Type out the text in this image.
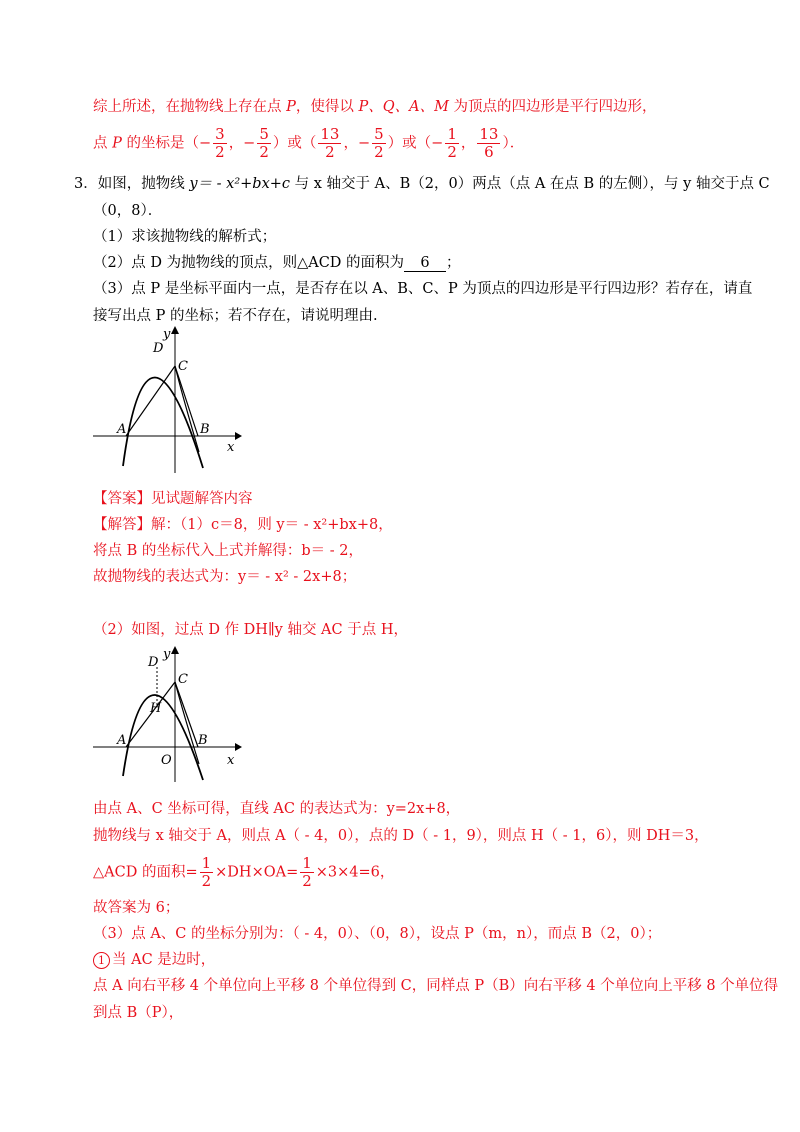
综上所述，在抛物线上存在点 P，使得以 P、Q、A、M 为顶点的四边形是平行四边形，
点 P 的坐标是（− $\frac{3}{2}$ ，− $\frac{5}{2}$ ）或（ $\frac{13}{2}$ ，− $\frac{5}{2}$ ）或（− $\frac{1}{2}$ ， $\frac{13}{6}$ ）．
3．如图，抛物线 y＝ - x²+bx+c 与 x 轴交于 A、B（2，0）两点（点 A 在点 B 的左侧），与 y 轴交于点 C
（0，8）．
（1）求该抛物线的解析式；
（2）点 D 为抛物线的顶点，则△ACD 的面积为 6 ；
（3）点 P 是坐标平面内一点，是否存在以 A、B、C、P 为顶点的四边形是平行四边形？若存在，请直
接写出点 P 的坐标；若不存在，请说明理由.
y
x
D
C
A	B
【答案】见试题解答内容
【解答】解：（1）c＝8，则 y＝ - x²+bx+8，
将点 B 的坐标代入上式并解得：b＝ - 2，
故抛物线的表达式为：y＝ - x² - 2x+8；
（2）如图，过点 D 作 DH∥y 轴交 AC 于点 H，
y
x
D
C
H
A
O
B
由点 A、C 坐标可得，直线 AC 的表达式为：y=2x+8，
抛物线与 x 轴交于 A，则点 A（ - 4，0），点的 D（ - 1，9），则点 H（ - 1，6），则 DH＝3，
△ACD 的面积= $\frac{1}{2} \times DH\times OA= \frac{1}{2} \times 3\times 4=6$，
故答案为 6；
（3）点 A、C 的坐标分别为：（ - 4，0）、（0，8），设点 P（m，n），而点 B（2，0）；
1 当 AC 是边时，
点 A 向右平移 4 个单位向上平移 8 个单位得到 C，同样点 P（B）向右平移 4 个单位向上平移 8 个单位得
到点 B（P），
